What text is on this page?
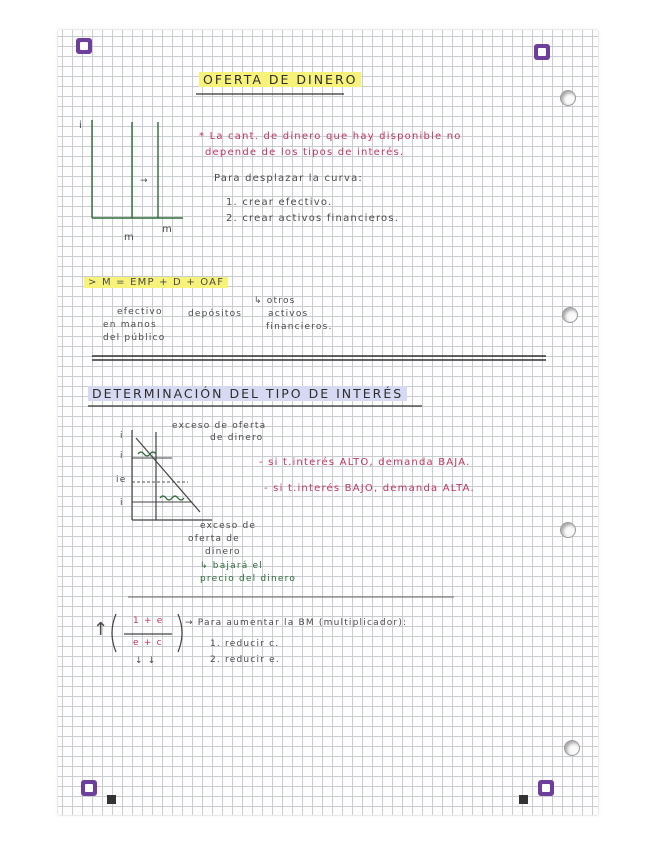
OFERTA DE DINERO
* La cant. de dinero que hay disponible no
depende de los tipos de interés.
Para desplazar la curva:
1. crear efectivo.
2. crear activos financieros.
i
→
m
m
> M = EMP + D + OAF
efectivo
en manos
del público
depósitos
↳ otros
activos
financieros.
DETERMINACIÓN DEL TIPO DE INTERÉS
exceso de oferta
de dinero
- si t.interés ALTO, demanda BAJA.
- si t.interés BAJO, demanda ALTA.
i
i
ie
i
exceso de
oferta de
dinero
↳ bajará el
precio del dinero
↑	1 + e
e + c
↓ ↓
→ Para aumentar la BM (multiplicador):
1. reducir c.
2. reducir e.
